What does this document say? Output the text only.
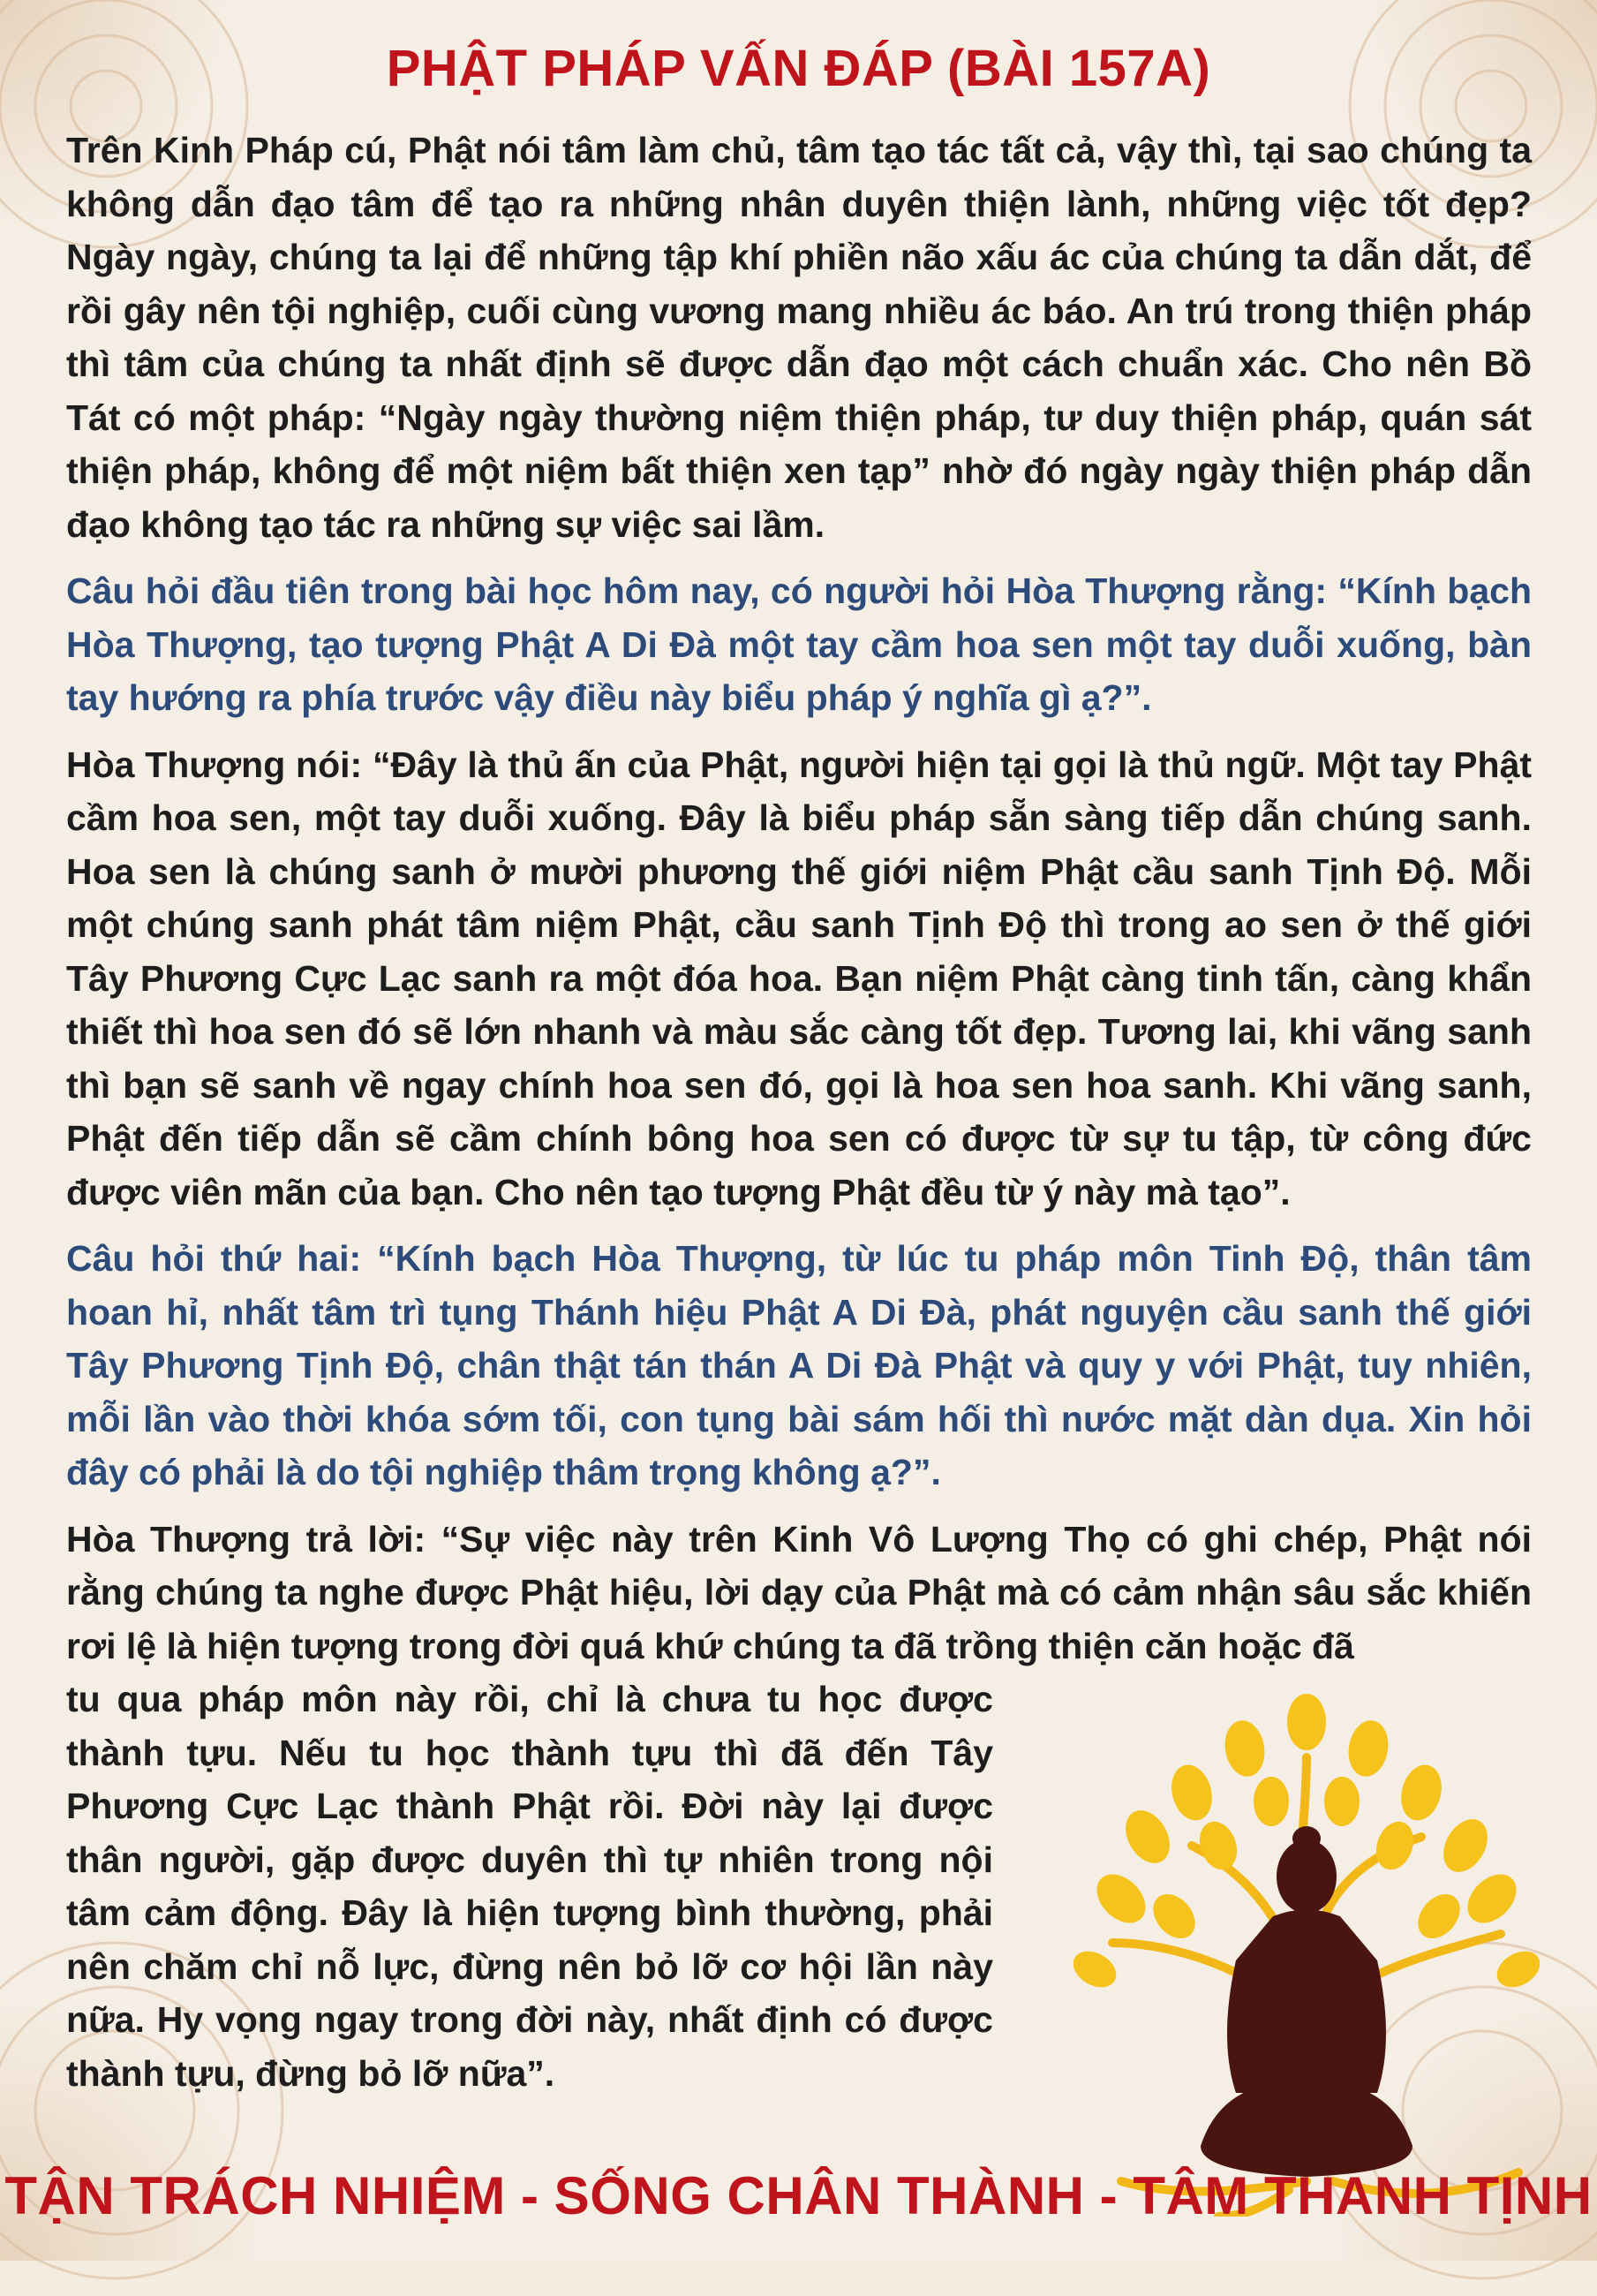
PHẬT PHÁP VẤN ĐÁP (BÀI 157A)

Trên Kinh Pháp cú, Phật nói tâm làm chủ, tâm tạo tác tất cả, vậy thì, tại sao chúng ta không dẫn đạo tâm để tạo ra những nhân duyên thiện lành, những việc tốt đẹp? Ngày ngày, chúng ta lại để những tập khí phiền não xấu ác của chúng ta dẫn dắt, để rồi gây nên tội nghiệp, cuối cùng vương mang nhiều ác báo. An trú trong thiện pháp thì tâm của chúng ta nhất định sẽ được dẫn đạo một cách chuẩn xác. Cho nên Bồ Tát có một pháp: “Ngày ngày thường niệm thiện pháp, tư duy thiện pháp, quán sát thiện pháp, không để một niệm bất thiện xen tạp” nhờ đó ngày ngày thiện pháp dẫn đạo không tạo tác ra những sự việc sai lầm.

Câu hỏi đầu tiên trong bài học hôm nay, có người hỏi Hòa Thượng rằng: “Kính bạch Hòa Thượng, tạo tượng Phật A Di Đà một tay cầm hoa sen một tay duỗi xuống, bàn tay hướng ra phía trước vậy điều này biểu pháp ý nghĩa gì ạ?”.

Hòa Thượng nói: “Đây là thủ ấn của Phật, người hiện tại gọi là thủ ngữ. Một tay Phật cầm hoa sen, một tay duỗi xuống. Đây là biểu pháp sẵn sàng tiếp dẫn chúng sanh. Hoa sen là chúng sanh ở mười phương thế giới niệm Phật cầu sanh Tịnh Độ. Mỗi một chúng sanh phát tâm niệm Phật, cầu sanh Tịnh Độ thì trong ao sen ở thế giới Tây Phương Cực Lạc sanh ra một đóa hoa. Bạn niệm Phật càng tinh tấn, càng khẩn thiết thì hoa sen đó sẽ lớn nhanh và màu sắc càng tốt đẹp. Tương lai, khi vãng sanh thì bạn sẽ sanh về ngay chính hoa sen đó, gọi là hoa sen hoa sanh. Khi vãng sanh, Phật đến tiếp dẫn sẽ cầm chính bông hoa sen có được từ sự tu tập, từ công đức được viên mãn của bạn. Cho nên tạo tượng Phật đều từ ý này mà tạo”.

Câu hỏi thứ hai: “Kính bạch Hòa Thượng, từ lúc tu pháp môn Tinh Độ, thân tâm hoan hỉ, nhất tâm trì tụng Thánh hiệu Phật A Di Đà, phát nguyện cầu sanh thế giới Tây Phương Tịnh Độ, chân thật tán thán A Di Đà Phật và quy y với Phật, tuy nhiên, mỗi lần vào thời khóa sớm tối, con tụng bài sám hối thì nước mặt dàn dụa. Xin hỏi đây có phải là do tội nghiệp thâm trọng không ạ?”.

Hòa Thượng trả lời: “Sự việc này trên Kinh Vô Lượng Thọ có ghi chép, Phật nói rằng chúng ta nghe được Phật hiệu, lời dạy của Phật mà có cảm nhận sâu sắc khiến rơi lệ là hiện tượng trong đời quá khứ chúng ta đã trồng thiện căn hoặc đã

tu qua pháp môn này rồi, chỉ là chưa tu học được thành tựu. Nếu tu học thành tựu thì đã đến Tây Phương Cực Lạc thành Phật rồi. Đời này lại được thân người, gặp được duyên thì tự nhiên trong nội tâm cảm động. Đây là hiện tượng bình thường, phải nên chăm chỉ nỗ lực, đừng nên bỏ lỡ cơ hội lần này nữa. Hy vọng ngay trong đời này, nhất định có được thành tựu, đừng bỏ lỡ nữa”.

TẬN TRÁCH NHIỆM - SỐNG CHÂN THÀNH - TÂM THANH TỊNH
